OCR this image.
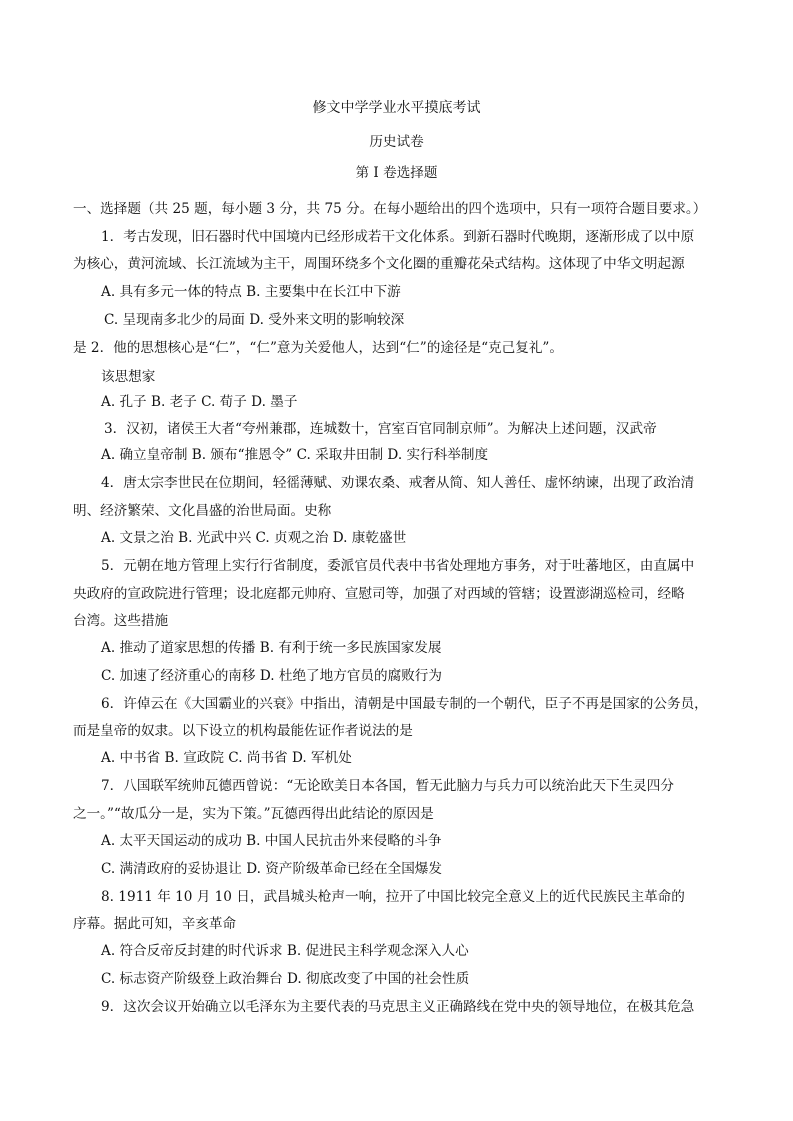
修文中学学业水平摸底考试
历史试卷
第 I 卷选择题
一、选择题（共 25 题，每小题 3 分，共 75 分。在每小题给出的四个选项中，只有一项符合题目要求。）
1．考古发现，旧石器时代中国境内已经形成若干文化体系。到新石器时代晚期，逐渐形成了以中原
为核心，黄河流域、长江流域为主干，周围环绕多个文化圈的重瓣花朵式结构。这体现了中华文明起源
A. 具有多元一体的特点 B. 主要集中在长江中下游
C. 呈现南多北少的局面 D. 受外来文明的影响较深
是 2．他的思想核心是“仁”，“仁”意为关爱他人，达到“仁”的途径是“克己复礼”。
该思想家
A. 孔子 B. 老子 C. 荀子 D. 墨子
3．汉初，诸侯王大者“夸州兼郡，连城数十，宫室百官同制京师”。为解决上述问题，汉武帝
A. 确立皇帝制 B. 颁布“推恩令” C. 采取井田制 D. 实行科举制度
4．唐太宗李世民在位期间，轻徭薄赋、劝课农桑、戒奢从简、知人善任、虚怀纳谏，出现了政治清
明、经济繁荣、文化昌盛的治世局面。史称
A. 文景之治 B. 光武中兴 C. 贞观之治 D. 康乾盛世
5．元朝在地方管理上实行行省制度，委派官员代表中书省处理地方事务，对于吐蕃地区，由直属中
央政府的宣政院进行管理；设北庭都元帅府、宣慰司等，加强了对西域的管辖；设置澎湖巡检司，经略
台湾。这些措施
A. 推动了道家思想的传播 B. 有利于统一多民族国家发展
C. 加速了经济重心的南移 D. 杜绝了地方官员的腐败行为
6．许倬云在《大国霸业的兴衰》中指出，清朝是中国最专制的一个朝代，臣子不再是国家的公务员，
而是皇帝的奴隶。以下设立的机构最能佐证作者说法的是
A. 中书省 B. 宣政院 C. 尚书省 D. 军机处
7．八国联军统帅瓦德西曾说：“无论欧美日本各国，暂无此脑力与兵力可以统治此天下生灵四分
之一。”“故瓜分一是，实为下策。”瓦德西得出此结论的原因是
A. 太平天国运动的成功 B. 中国人民抗击外来侵略的斗争
C. 满清政府的妥协退让 D. 资产阶级革命已经在全国爆发
8. 1911 年 10 月 10 日，武昌城头枪声一响，拉开了中国比较完全意义上的近代民族民主革命的
序幕。据此可知，辛亥革命
A. 符合反帝反封建的时代诉求 B. 促进民主科学观念深入人心
C. 标志资产阶级登上政治舞台 D. 彻底改变了中国的社会性质
9．这次会议开始确立以毛泽东为主要代表的马克思主义正确路线在党中央的领导地位，在极其危急
